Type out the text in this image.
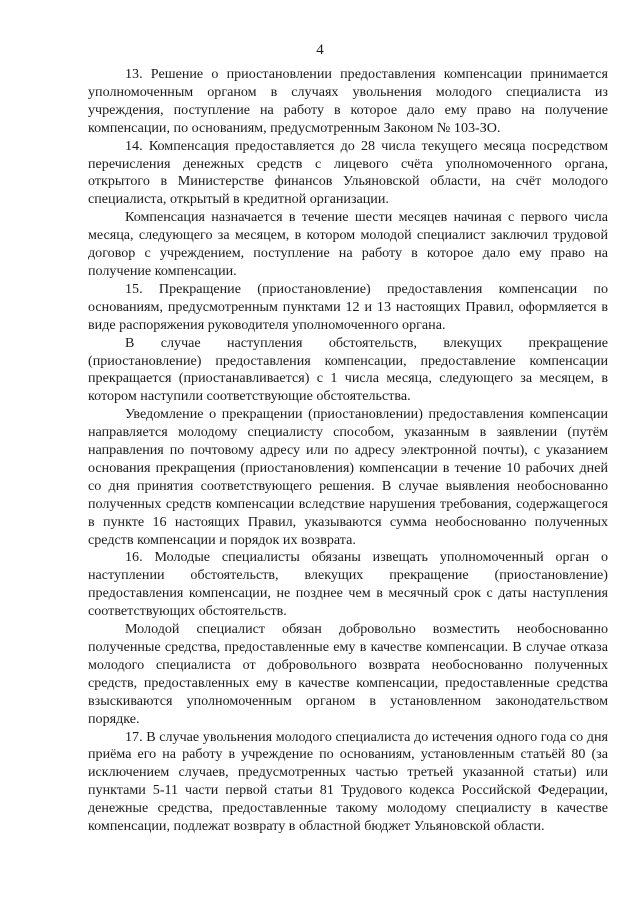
4

13. Решение о приостановлении предоставления компенсации принимается уполномоченным органом в случаях увольнения молодого специалиста из учреждения, поступление на работу в которое дало ему право на получение компенсации, по основаниям, предусмотренным Законом № 103-ЗО.

14. Компенсация предоставляется до 28 числа текущего месяца посредством перечисления денежных средств с лицевого счёта уполномоченного органа, открытого в Министерстве финансов Ульяновской области, на счёт молодого специалиста, открытый в кредитной организации.

Компенсация назначается в течение шести месяцев начиная с первого числа месяца, следующего за месяцем, в котором молодой специалист заключил трудовой договор с учреждением, поступление на работу в которое дало ему право на получение компенсации.

15. Прекращение (приостановление) предоставления компенсации по основаниям, предусмотренным пунктами 12 и 13 настоящих Правил, оформляется в виде распоряжения руководителя уполномоченного органа.

В случае наступления обстоятельств, влекущих прекращение (приостановление) предоставления компенсации, предоставление компенсации прекращается (приостанавливается) с 1 числа месяца, следующего за месяцем, в котором наступили соответствующие обстоятельства.

Уведомление о прекращении (приостановлении) предоставления компенсации направляется молодому специалисту способом, указанным в заявлении (путём направления по почтовому адресу или по адресу электронной почты), с указанием основания прекращения (приостановления) компенсации в течение 10 рабочих дней со дня принятия соответствующего решения. В случае выявления необоснованно полученных средств компенсации вследствие нарушения требования, содержащегося в пункте 16 настоящих Правил, указываются сумма необоснованно полученных средств компенсации и порядок их возврата.

16. Молодые специалисты обязаны извещать уполномоченный орган о наступлении обстоятельств, влекущих прекращение (приостановление) предоставления компенсации, не позднее чем в месячный срок с даты наступления соответствующих обстоятельств.

Молодой специалист обязан добровольно возместить необоснованно полученные средства, предоставленные ему в качестве компенсации. В случае отказа молодого специалиста от добровольного возврата необоснованно полученных средств, предоставленных ему в качестве компенсации, предоставленные средства взыскиваются уполномоченным органом в установленном законодательством порядке.

17. В случае увольнения молодого специалиста до истечения одного года со дня приёма его на работу в учреждение по основаниям, установленным статьёй 80 (за исключением случаев, предусмотренных частью третьей указанной статьи) или пунктами 5-11 части первой статьи 81 Трудового кодекса Российской Федерации, денежные средства, предоставленные такому молодому специалисту в качестве компенсации, подлежат возврату в областной бюджет Ульяновской области.
